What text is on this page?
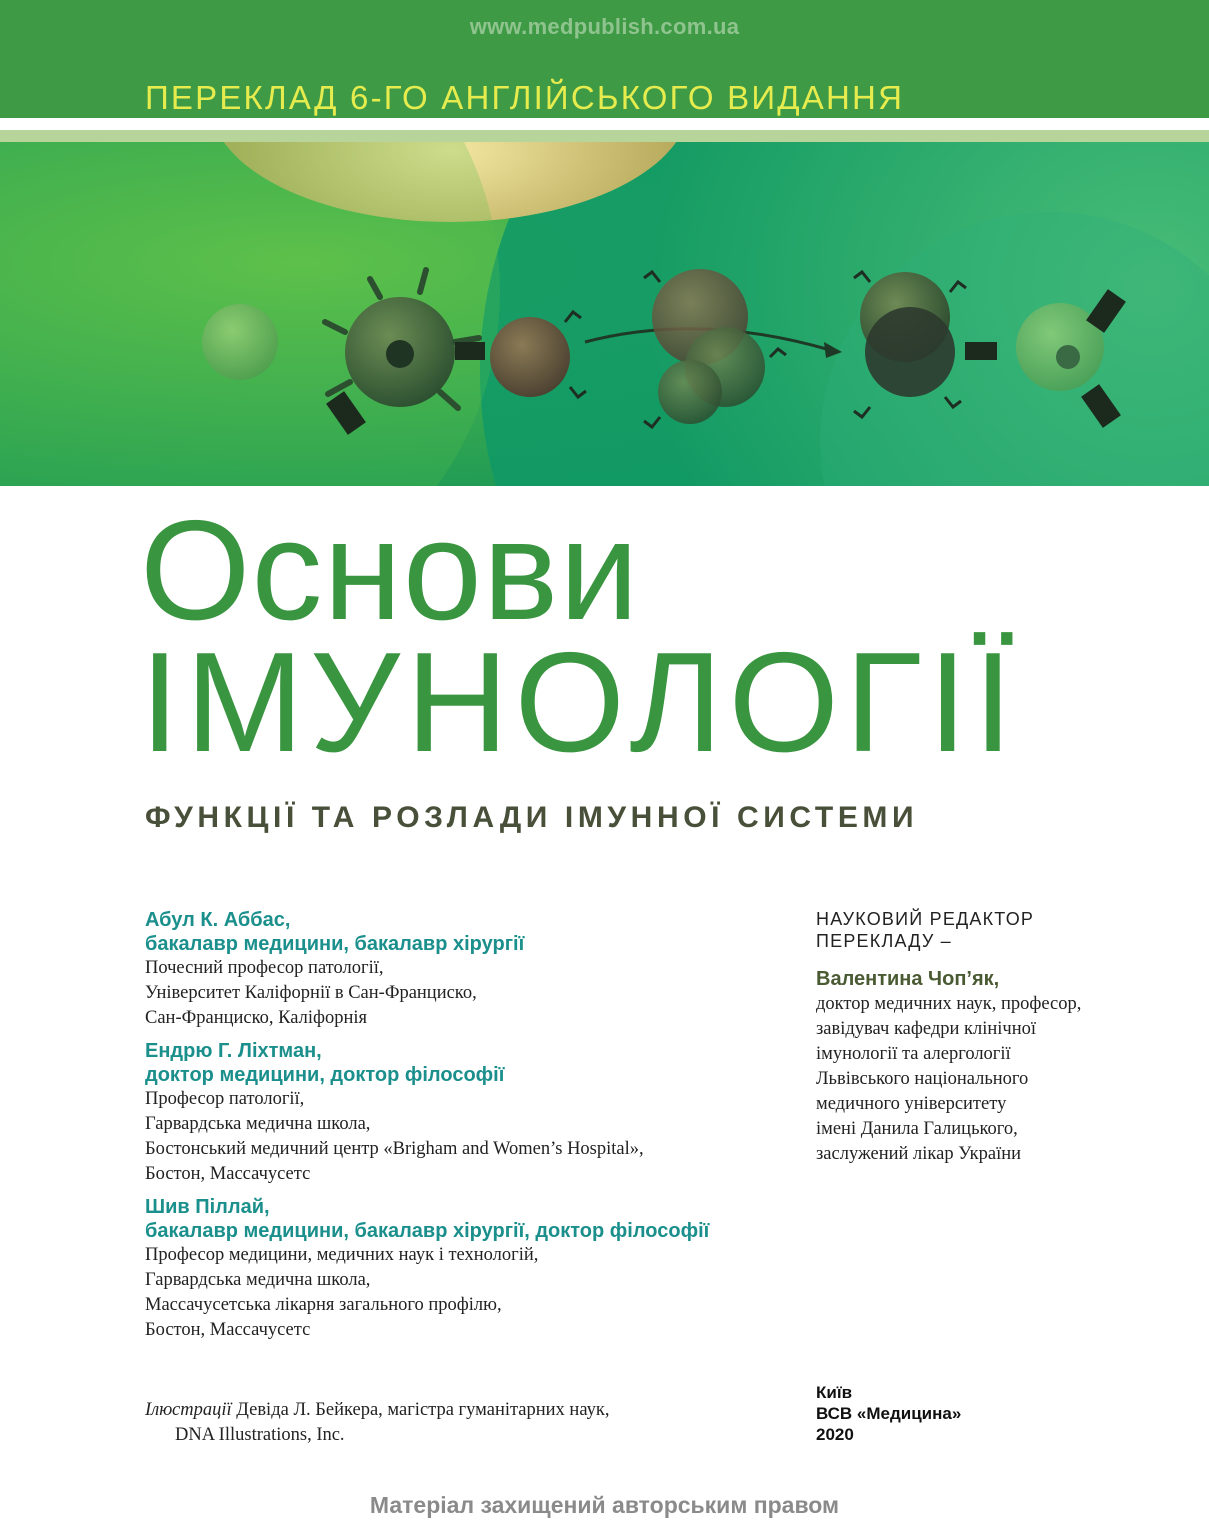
www.medpublish.com.ua
ПЕРЕКЛАД 6-ГО АНГЛІЙСЬКОГО ВИДАННЯ
Основи
ІМУНОЛОГІЇ
ФУНКЦІЇ ТА РОЗЛАДИ ІМУННОЇ СИСТЕМИ
Абул К. Аббас,
бакалавр медицини, бакалавр хірургії
Почесний професор патології,
Університет Каліфорнії в Сан-Франциско,
Сан-Франциско, Каліфорнія
Ендрю Г. Ліхтман,
доктор медицини, доктор філософії
Професор патології,
Гарвардська медична школа,
Бостонський медичний центр «Brigham and Women’s Hospital»,
Бостон, Массачусетс
Шив Піллай,
бакалавр медицини, бакалавр хірургії, доктор філософії
Професор медицини, медичних наук і технологій,
Гарвардська медична школа,
Массачусетська лікарня загального профілю,
Бостон, Массачусетс
Ілюстрації Девіда Л. Бейкера, магістра гуманітарних наук,
DNA Illustrations, Inc.
НАУКОВИЙ РЕДАКТОР
ПЕРЕКЛАДУ –
Валентина Чоп’як,
доктор медичних наук, професор,
завідувач кафедри клінічної
імунології та алергології
Львівського національного
медичного університету
імені Данила Галицького,
заслужений лікар України
Київ
ВСВ «Медицина»
2020
Матеріал захищений авторським правом
